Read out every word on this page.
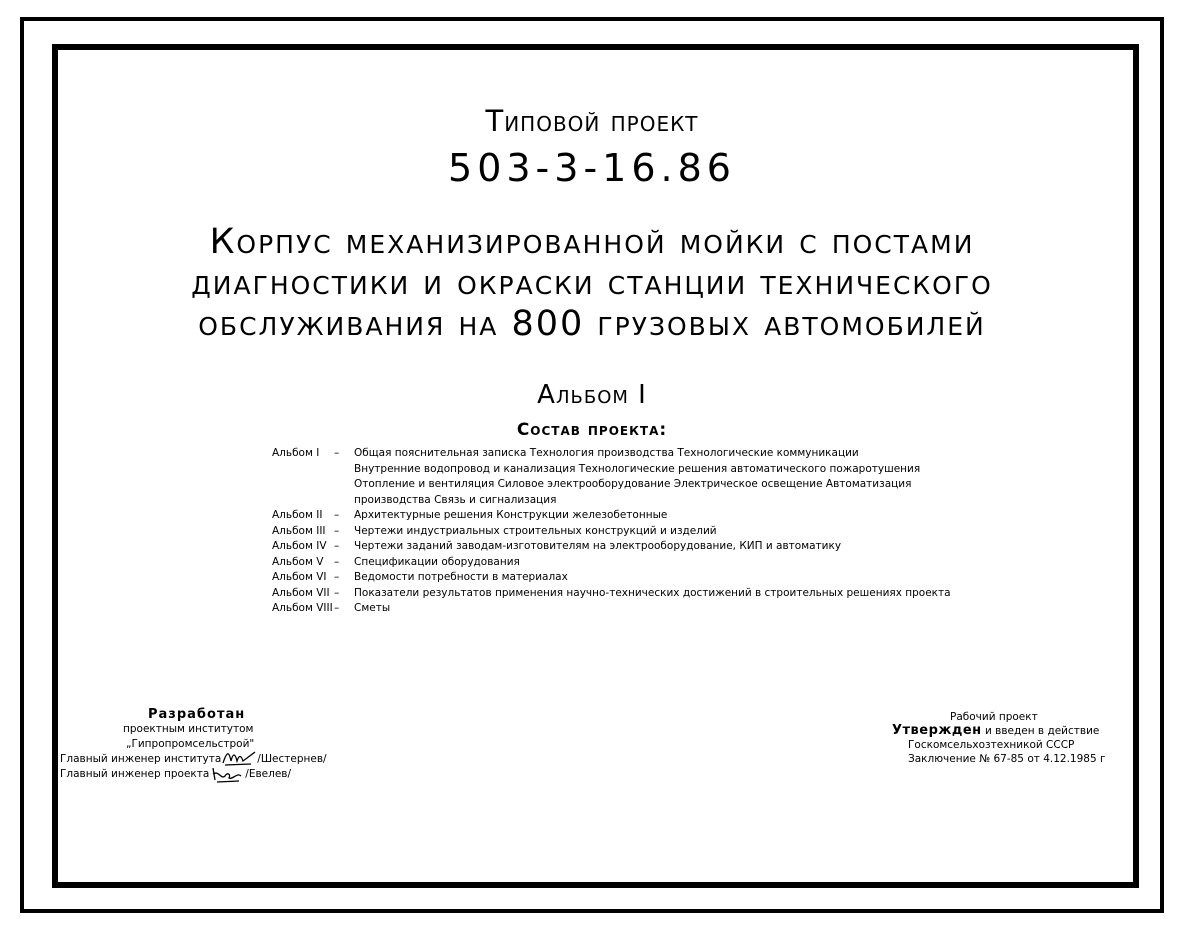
Типовой проект
503-3-16.86
Корпус механизированной мойки с постами
диагностики и окраски станции технического
обслуживания на 800 грузовых автомобилей
Альбом I
Состав проекта:
Альбом I	–	Общая пояснительная записка Технология производства Технологические коммуникации
Внутренние водопровод и канализация Технологические решения автоматического пожаротушения
Отопление и вентиляция Силовое электрооборудование Электрическое освещение Автоматизация
производства Связь и сигнализация
Альбом II	–	Архитектурные решения Конструкции железобетонные
Альбом III –	Чертежи индустриальных строительных конструкций и изделий
Альбом IV –	Чертежи заданий заводам-изготовителям на электрооборудование, КИП и автоматику
Альбом V	–	Спецификации оборудования
Альбом VI –	Ведомости потребности в материалах
Альбом VII –	Показатели результатов применения научно-технических достижений в строительных решениях проекта
Альбом VIII –	Сметы
Разработан
проектным институтом
„Гипропромсельстрой"
Главный инженер института	/Шестернев/
Главный инженер проекта	/Евелев/
Рабочий проект
Утвержден и введен в действие
Госкомсельхозтехникой СССР
Заключение № 67-85 от 4.12.1985 г
